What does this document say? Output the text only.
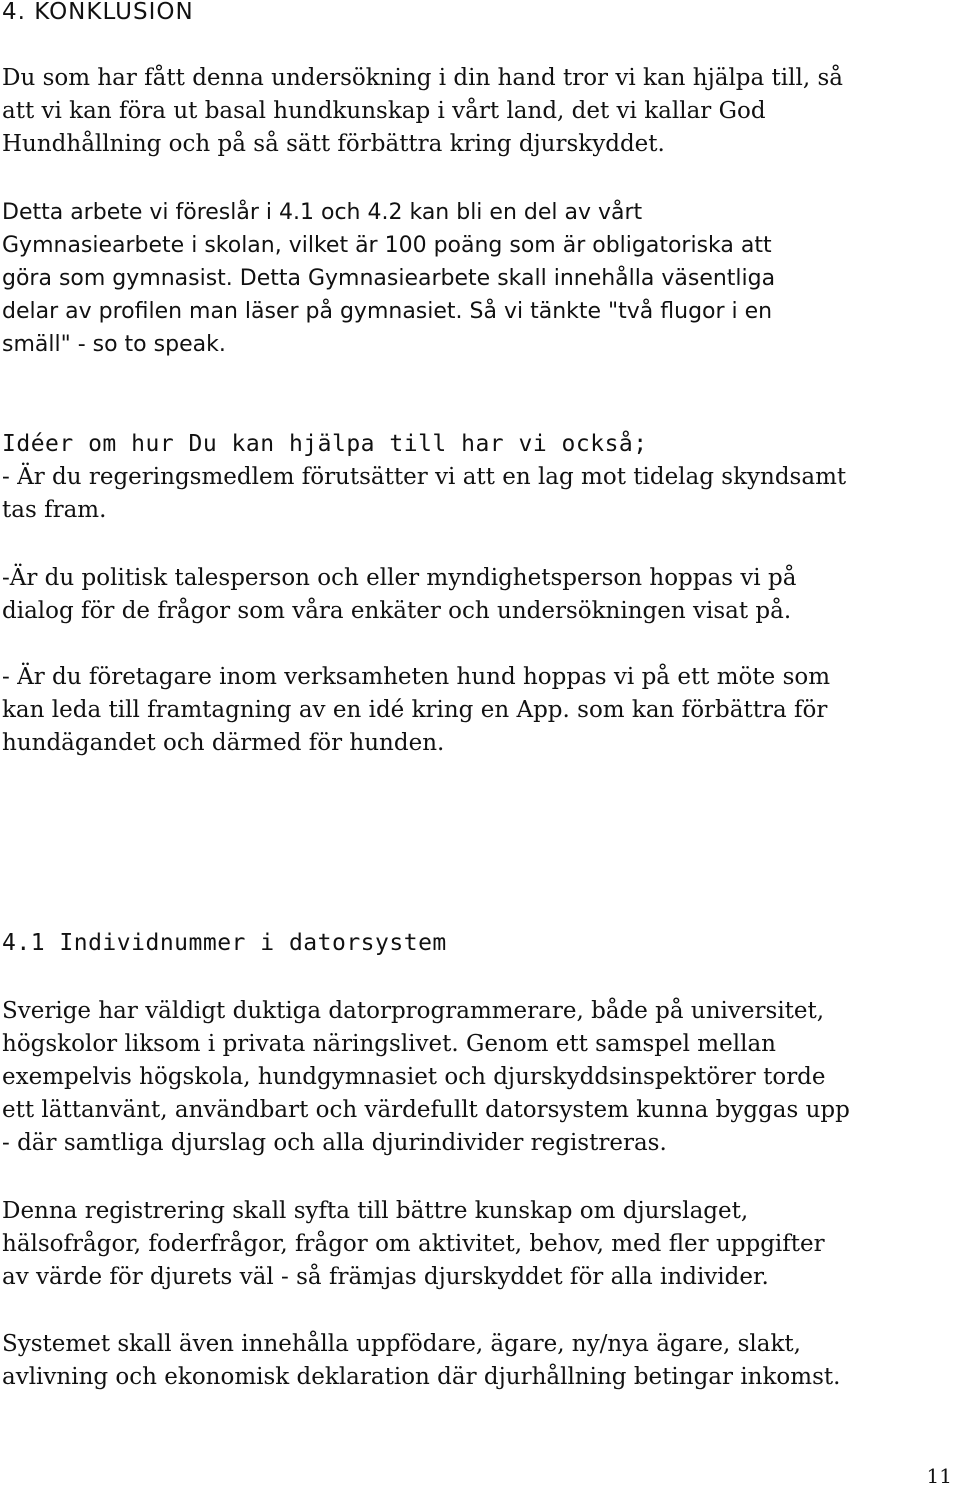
4. KONKLUSION
Du som har fått denna undersökning i din hand tror vi kan hjälpa till, så
att vi kan föra ut basal hundkunskap i vårt land, det vi kallar God
Hundhållning och på så sätt förbättra kring djurskyddet.
Detta arbete vi föreslår i 4.1 och 4.2 kan bli en del av vårt
Gymnasiearbete i skolan, vilket är 100 poäng som är obligatoriska att
göra som gymnasist. Detta Gymnasiearbete skall innehålla väsentliga
delar av profilen man läser på gymnasiet. Så vi tänkte "två flugor i en
smäll" - so to speak.
Idéer om hur Du kan hjälpa till har vi också;
- Är du regeringsmedlem förutsätter vi att en lag mot tidelag skyndsamt
tas fram.
-Är du politisk talesperson och eller myndighetsperson hoppas vi på
dialog för de frågor som våra enkäter och undersökningen visat på.
- Är du företagare inom verksamheten hund hoppas vi på ett möte som
kan leda till framtagning av en idé kring en App. som kan förbättra för
hundägandet och därmed för hunden.
4.1 Individnummer i datorsystem
Sverige har väldigt duktiga datorprogrammerare, både på universitet,
högskolor liksom i privata näringslivet. Genom ett samspel mellan
exempelvis högskola, hundgymnasiet och djurskyddsinspektörer torde
ett lättanvänt, användbart och värdefullt datorsystem kunna byggas upp
- där samtliga djurslag och alla djurindivider registreras.
Denna registrering skall syfta till bättre kunskap om djurslaget,
hälsofrågor, foderfrågor, frågor om aktivitet, behov, med fler uppgifter
av värde för djurets väl - så främjas djurskyddet för alla individer.
Systemet skall även innehålla uppfödare, ägare, ny/nya ägare, slakt,
avlivning och ekonomisk deklaration där djurhållning betingar inkomst.
11
